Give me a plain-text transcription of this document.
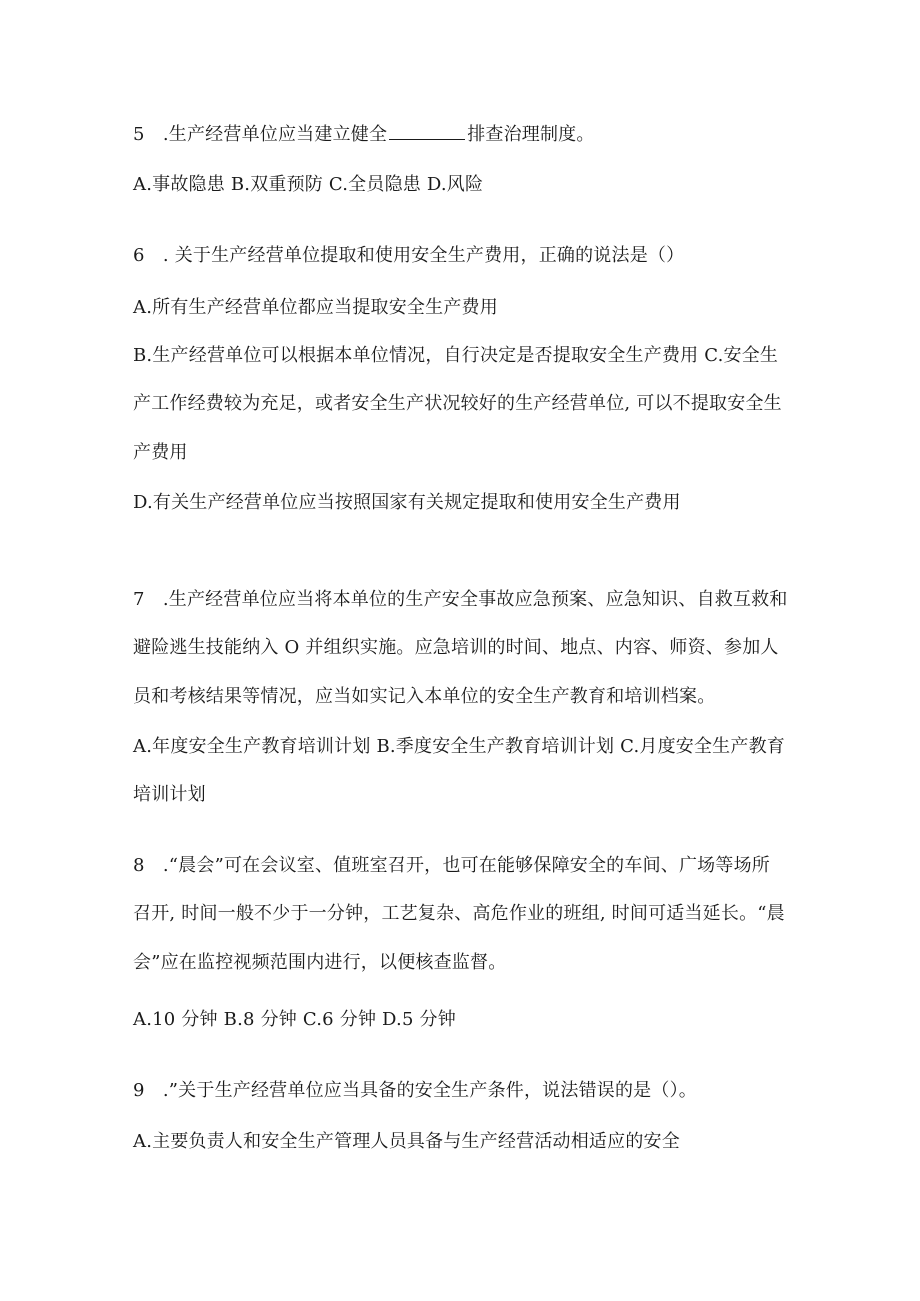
5　.生产经营单位应当建立健全	排查治理制度。
A.事故隐患 B.双重预防 C.全员隐患 D.风险
6　. 关于生产经营单位提取和使用安全生产费用，正确的说法是（）
A.所有生产经营单位都应当提取安全生产费用
B.生产经营单位可以根据本单位情况，自行决定是否提取安全生产费用 C.安全生
产工作经费较为充足，或者安全生产状况较好的生产经营单位, 可以不提取安全生
产费用
D.有关生产经营单位应当按照国家有关规定提取和使用安全生产费用
7　.生产经营单位应当将本单位的生产安全事故应急预案、应急知识、自救互救和
避险逃生技能纳入 O 并组织实施。应急培训的时间、地点、内容、师资、参加人
员和考核结果等情况，应当如实记入本单位的安全生产教育和培训档案。
A.年度安全生产教育培训计划 B.季度安全生产教育培训计划 C.月度安全生产教育
培训计划
8　.“晨会”可在会议室、值班室召开，也可在能够保障安全的车间、广场等场所
召开, 时间一般不少于一分钟，工艺复杂、高危作业的班组, 时间可适当延长。“晨
会”应在监控视频范围内进行，以便核查监督。
A.10 分钟 B.8 分钟 C.6 分钟 D.5 分钟
9　.”关于生产经营单位应当具备的安全生产条件，说法错误的是（）。
A.主要负责人和安全生产管理人员具备与生产经营活动相适应的安全
